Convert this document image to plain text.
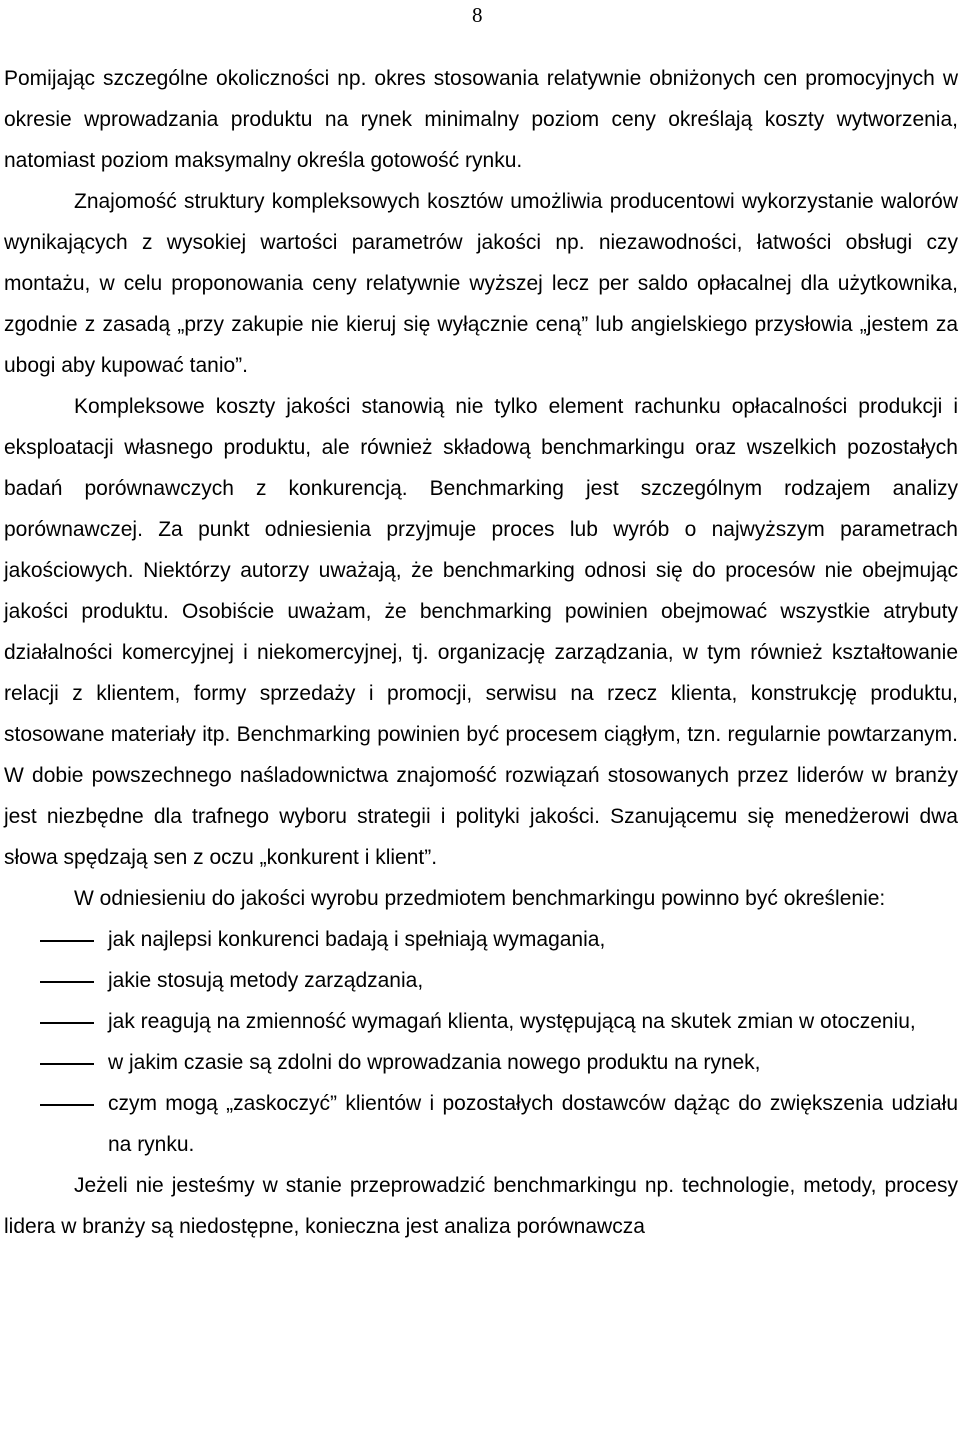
8

Pomijając szczególne okoliczności np. okres stosowania relatywnie obniżonych cen promocyjnych w okresie wprowadzania produktu na rynek minimalny poziom ceny określają koszty wytworzenia, natomiast poziom maksymalny określa gotowość rynku.

Znajomość struktury kompleksowych kosztów umożliwia producentowi wykorzystanie walorów wynikających z wysokiej wartości parametrów jakości np. niezawodności, łatwości obsługi czy montażu, w celu proponowania ceny relatywnie wyższej lecz per saldo opłacalnej dla użytkownika, zgodnie z zasadą „przy zakupie nie kieruj się wyłącznie ceną” lub angielskiego przysłowia „jestem za ubogi aby kupować tanio”.

Kompleksowe koszty jakości stanowią nie tylko element rachunku opłacalności produkcji i eksploatacji własnego produktu, ale również składową benchmarkingu oraz wszelkich pozostałych badań porównawczych z konkurencją. Benchmarking jest szczególnym rodzajem analizy porównawczej. Za punkt odniesienia przyjmuje proces lub wyrób o najwyższym parametrach jakościowych. Niektórzy autorzy uważają, że benchmarking odnosi się do procesów nie obejmując jakości produktu. Osobiście uważam, że benchmarking powinien obejmować wszystkie atrybuty działalności komercyjnej i niekomercyjnej, tj. organizację zarządzania, w tym również kształtowanie relacji z klientem, formy sprzedaży i promocji, serwisu na rzecz klienta, konstrukcję produktu, stosowane materiały itp. Benchmarking powinien być procesem ciągłym, tzn. regularnie powtarzanym. W dobie powszechnego naśladownictwa znajomość rozwiązań stosowanych przez liderów w branży jest niezbędne dla trafnego wyboru strategii i polityki jakości. Szanującemu się menedżerowi dwa słowa spędzają sen z oczu „konkurent i klient”.

W odniesieniu do jakości wyrobu przedmiotem benchmarkingu powinno być określenie:

jak najlepsi konkurenci badają i spełniają wymagania,
jakie stosują metody zarządzania,
jak reagują na zmienność wymagań klienta, występującą na skutek zmian w otoczeniu,
w jakim czasie są zdolni do wprowadzania nowego produktu na rynek,
czym mogą „zaskoczyć” klientów i pozostałych dostawców dążąc do zwiększenia udziału na rynku.

Jeżeli nie jesteśmy w stanie przeprowadzić benchmarkingu np. technologie, metody, procesy lidera w branży są niedostępne, konieczna jest analiza porównawcza
